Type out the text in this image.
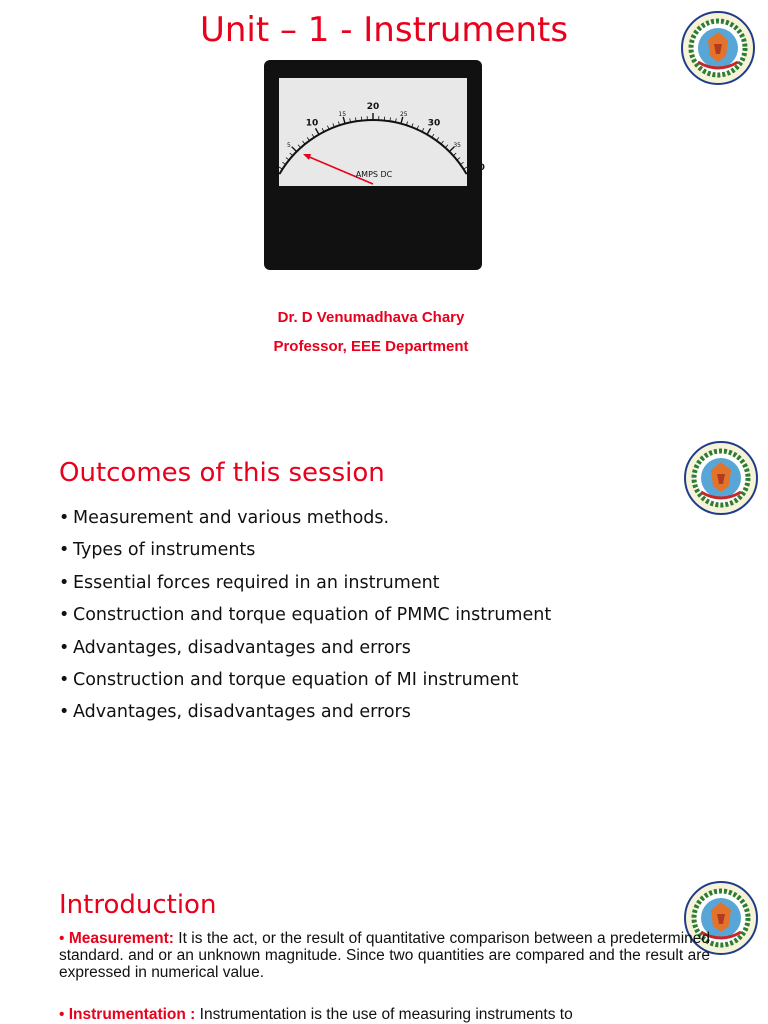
Unit – 1 - Instruments
0
5
10
15
20
25
30
35
40
AMPS DC
Dr. D Venumadhava Chary
Professor, EEE Department
Outcomes of this session
• Measurement and various methods.
• Types of instruments
• Essential forces required in an instrument
• Construction and torque equation of PMMC instrument
• Advantages, disadvantages and errors
• Construction and torque equation of MI instrument
• Advantages, disadvantages and errors
Introduction

• Measurement: It is the act, or the result of quantitative comparison between a predetermined standard. and or an unknown magnitude. Since two quantities are compared and the result are expressed in numerical value.

• Instrumentation : Instrumentation is the use of measuring instruments to
